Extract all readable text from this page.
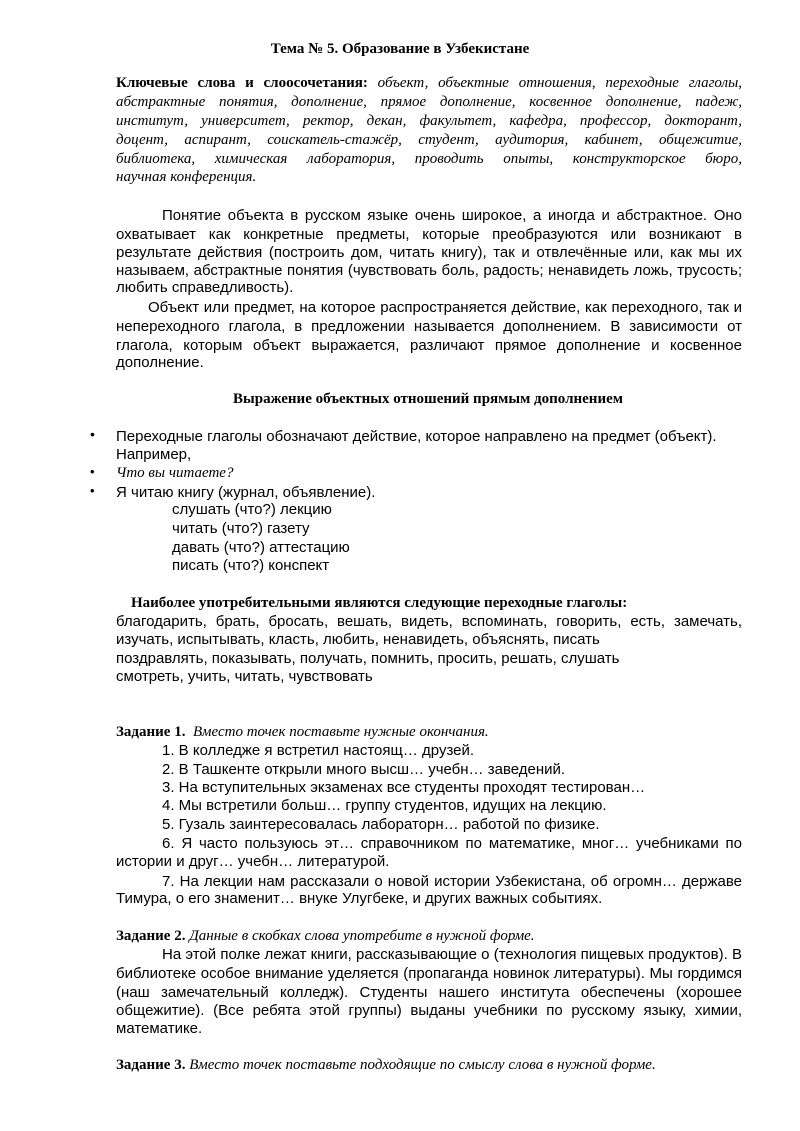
Тема № 5. Образование в Узбекистане
Ключевые слова и слоосочетания: объект, объектные отношения, переходные глаголы,
абстрактные понятия, дополнение, прямое дополнение, косвенное дополнение, падеж,
институт, университет, ректор, декан, факультет, кафедра, профессор, докторант,
доцент, аспирант, соискатель-стажёр, студент, аудитория, кабинет, общежитие,
библиотека, химическая лаборатория, проводить опыты, конструкторское бюро,
научная конференция.
Понятие объекта в русском языке очень широкое, а иногда и абстрактное. Оно
охватывает как конкретные предметы, которые преобразуются или возникают в
результате действия (построить дом, читать книгу), так и отвлечённые или, как мы их
называем, абстрактные понятия (чувствовать боль, радость; ненавидеть ложь, трусость;
любить справедливость).
Объект или предмет, на которое распространяется действие, как переходного, так и
непереходного глагола, в предложении называется дополнением. В зависимости от
глагола, которым объект выражается, различают прямое дополнение и косвенное
дополнение.
Выражение объектных отношений прямым дополнением
• Переходные глаголы обозначают действие, которое направлено на предмет (объект).
Например,
• Что вы читаете?
• Я читаю книгу (журнал, объявление).
слушать (что?) лекцию
читать (что?) газету
давать (что?) аттестацию
писать (что?) конспект
Наиболее употребительными являются следующие переходные глаголы:
благодарить, брать, бросать, вешать, видеть, вспоминать, говорить, есть, замечать,
изучать, испытывать, класть, любить, ненавидеть, объяснять, писать
поздравлять, показывать, получать, помнить, просить, решать, слушать
смотреть, учить, читать, чувствовать
Задание 1. Вместо точек поставьте нужные окончания.
1. В колледже я встретил настоящ… друзей.
2. В Ташкенте открыли много высш… учебн… заведений.
3. На вступительных экзаменах все студенты проходят тестирован…
4. Мы встретили больш… группу студентов, идущих на лекцию.
5. Гузаль заинтересовалась лабораторн… работой по физике.
6. Я часто пользуюсь эт… справочником по математике, мног… учебниками по
истории и друг… учебн… литературой.
7. На лекции нам рассказали о новой истории Узбекистана, об огромн… державе
Тимура, о его знаменит… внуке Улугбеке, и других важных событиях.
Задание 2. Данные в скобках слова употребите в нужной форме.
На этой полке лежат книги, рассказывающие о (технология пищевых продуктов). В
библиотеке особое внимание уделяется (пропаганда новинок литературы). Мы гордимся
(наш замечательный колледж). Студенты нашего института обеспечены (хорошее
общежитие). (Все ребята этой группы) выданы учебники по русскому языку, химии,
математике.
Задание 3. Вместо точек поставьте подходящие по смыслу слова в нужной форме.
